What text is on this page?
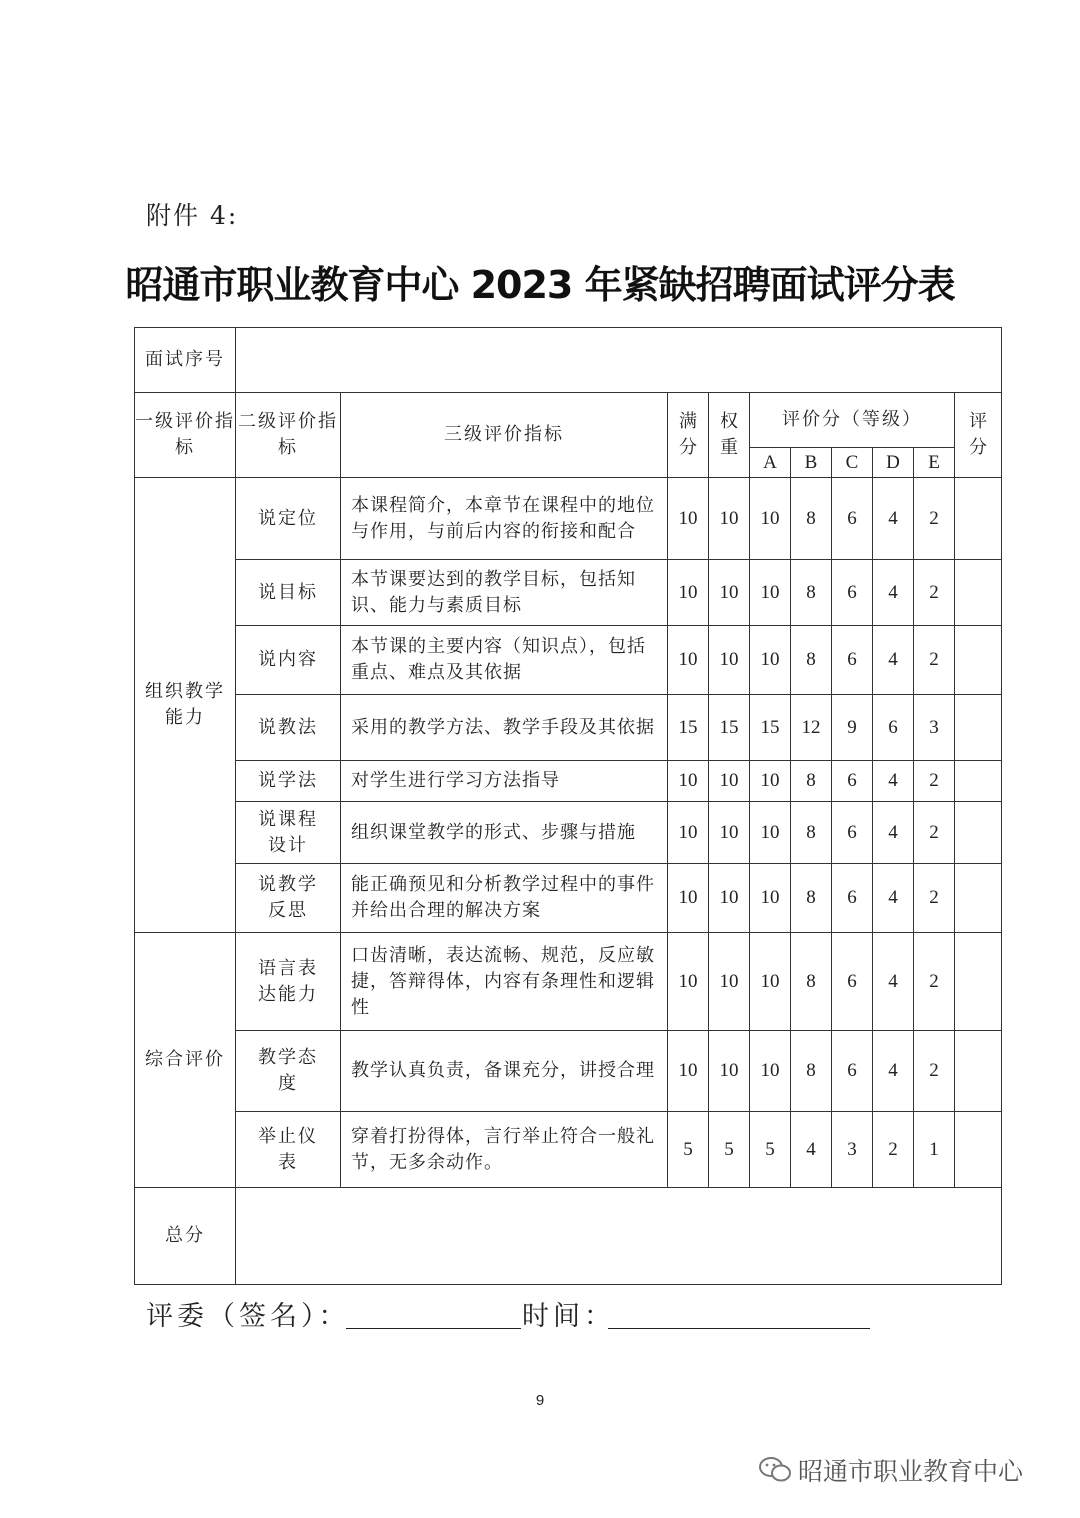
附件 4:
昭通市职业教育中心 2023 年紧缺招聘面试评分表
面试序号										
一级评价指标	二级评价指标	三级评价指标	满分	权重	评价分（等级）					评分
					A	B	C	D	E	
组织教学能力	说定位	本课程简介，本章节在课程中的地位与作用，与前后内容的衔接和配合	10	10	10	8	6	4	2	
	说目标	本节课要达到的教学目标，包括知识、能力与素质目标	10	10	10	8	6	4	2	
	说内容	本节课的主要内容（知识点），包括重点、难点及其依据	10	10	10	8	6	4	2	
	说教法	采用的教学方法、教学手段及其依据	15	15	15	12	9	6	3	
	说学法	对学生进行学习方法指导	10	10	10	8	6	4	2	
	说课程设计	组织课堂教学的形式、步骤与措施	10	10	10	8	6	4	2	
	说教学反思	能正确预见和分析教学过程中的事件并给出合理的解决方案	10	10	10	8	6	4	2	
综合评价	语言表达能力	口齿清晰，表达流畅、规范，反应敏捷，答辩得体，内容有条理性和逻辑性	10	10	10	8	6	4	2	
	教学态度	教学认真负责，备课充分，讲授合理	10	10	10	8	6	4	2	
	举止仪表	穿着打扮得体，言行举止符合一般礼节，无多余动作。	5	5	5	4	3	2	1	
总分										
评委（签名）：	时间：
9
昭通市职业教育中心
